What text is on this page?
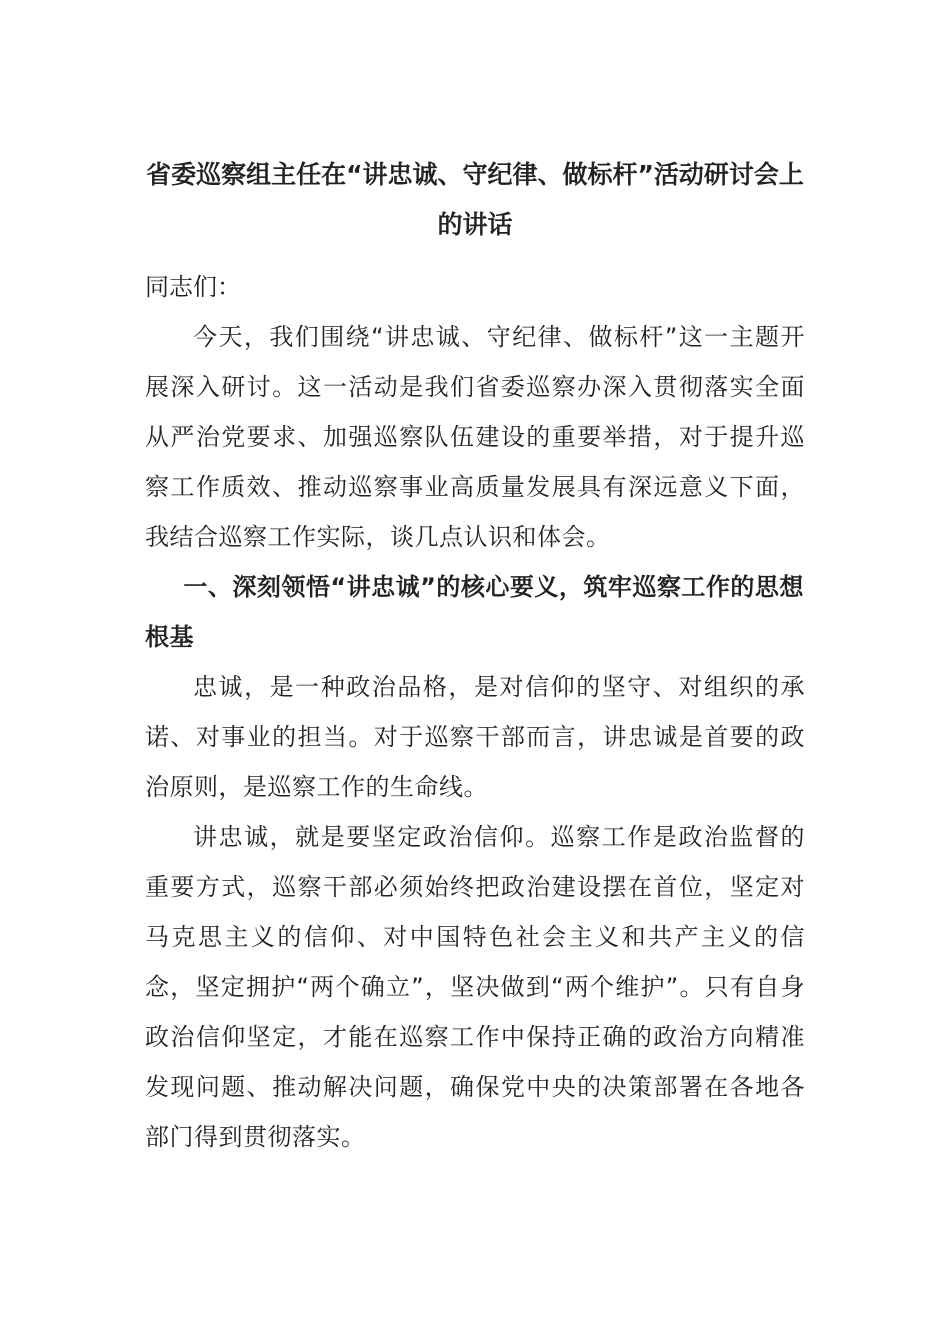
省委巡察组主任在“讲忠诚、守纪律、做标杆”活动研讨会上的讲话

同志们：

今天，我们围绕“讲忠诚、守纪律、做标杆”这一主题开展深入研讨。这一活动是我们省委巡察办深入贯彻落实全面从严治党要求、加强巡察队伍建设的重要举措，对于提升巡察工作质效、推动巡察事业高质量发展具有深远意义下面，我结合巡察工作实际，谈几点认识和体会。

一、深刻领悟“讲忠诚”的核心要义，筑牢巡察工作的思想根基

忠诚，是一种政治品格，是对信仰的坚守、对组织的承诺、对事业的担当。对于巡察干部而言，讲忠诚是首要的政治原则，是巡察工作的生命线。

讲忠诚，就是要坚定政治信仰。巡察工作是政治监督的重要方式，巡察干部必须始终把政治建设摆在首位，坚定对马克思主义的信仰、对中国特色社会主义和共产主义的信念，坚定拥护“两个确立”，坚决做到“两个维护”。只有自身政治信仰坚定，才能在巡察工作中保持正确的政治方向精准发现问题、推动解决问题，确保党中央的决策部署在各地各部门得到贯彻落实。
